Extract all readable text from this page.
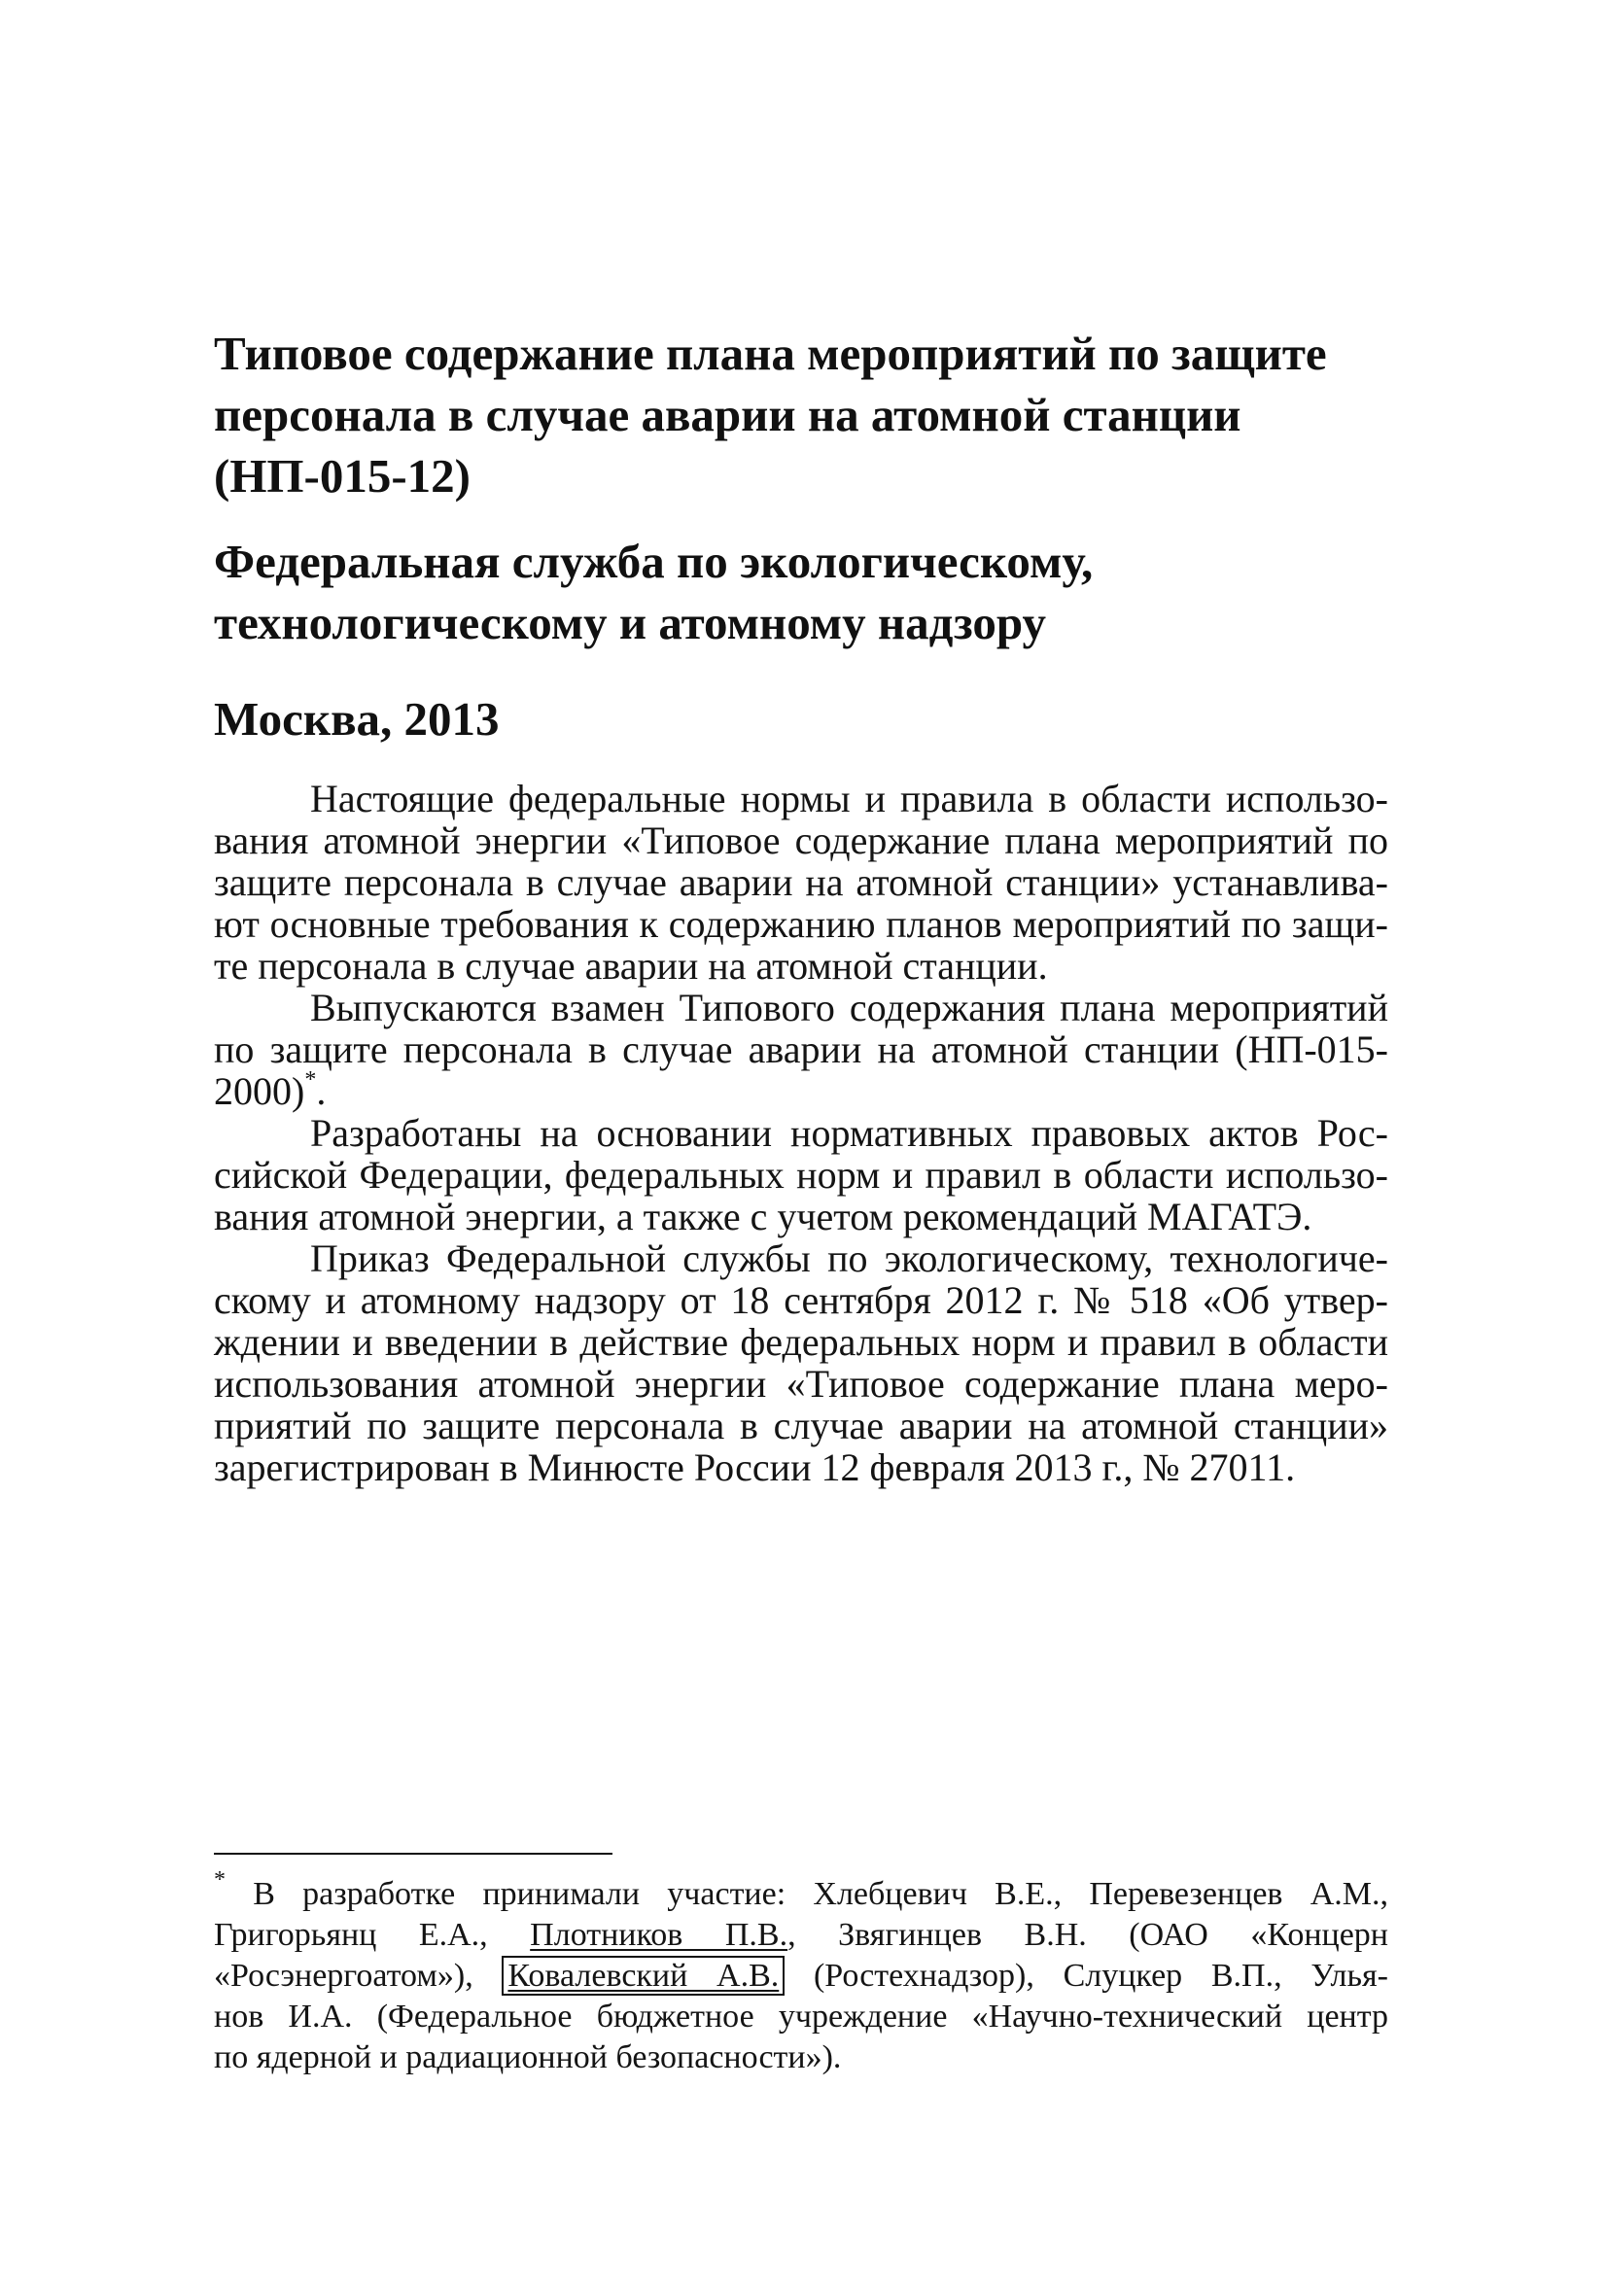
Типовое содержание плана мероприятий по защите
персонала в случае аварии на атомной станции
(НП-015-12)
Федеральная служба по экологическому,
технологическому и атомному надзору
Москва, 2013
Настоящие федеральные нормы и правила в области использо-
вания атомной энергии «Типовое содержание плана мероприятий по
защите персонала в случае аварии на атомной станции» устанавлива-
ют основные требования к содержанию планов мероприятий по защи-
те персонала в случае аварии на атомной станции.
Выпускаются взамен Типового содержания плана мероприятий
по защите персонала в случае аварии на атомной станции (НП-015-
2000)*.
Разработаны на основании нормативных правовых актов Рос-
сийской Федерации, федеральных норм и правил в области использо-
вания атомной энергии, а также с учетом рекомендаций МАГАТЭ.
Приказ Федеральной службы по экологическому, технологиче-
скому и атомному надзору от 18 сентября 2012 г. № 518 «Об утвер-
ждении и введении в действие федеральных норм и правил в области
использования атомной энергии «Типовое содержание плана меро-
приятий по защите персонала в случае аварии на атомной станции»
зарегистрирован в Минюсте России 12 февраля 2013 г., № 27011.
* В разработке принимали участие: Хлебцевич В.Е., Перевезенцев А.М.,
Григорьянц Е.А., Плотников П.В., Звягинцев В.Н. (ОАО «Концерн
«Росэнергоатом»), Ковалевский А.В. (Ростехнадзор), Слуцкер В.П., Улья-
нов И.А. (Федеральное бюджетное учреждение «Научно-технический центр
по ядерной и радиационной безопасности»).
